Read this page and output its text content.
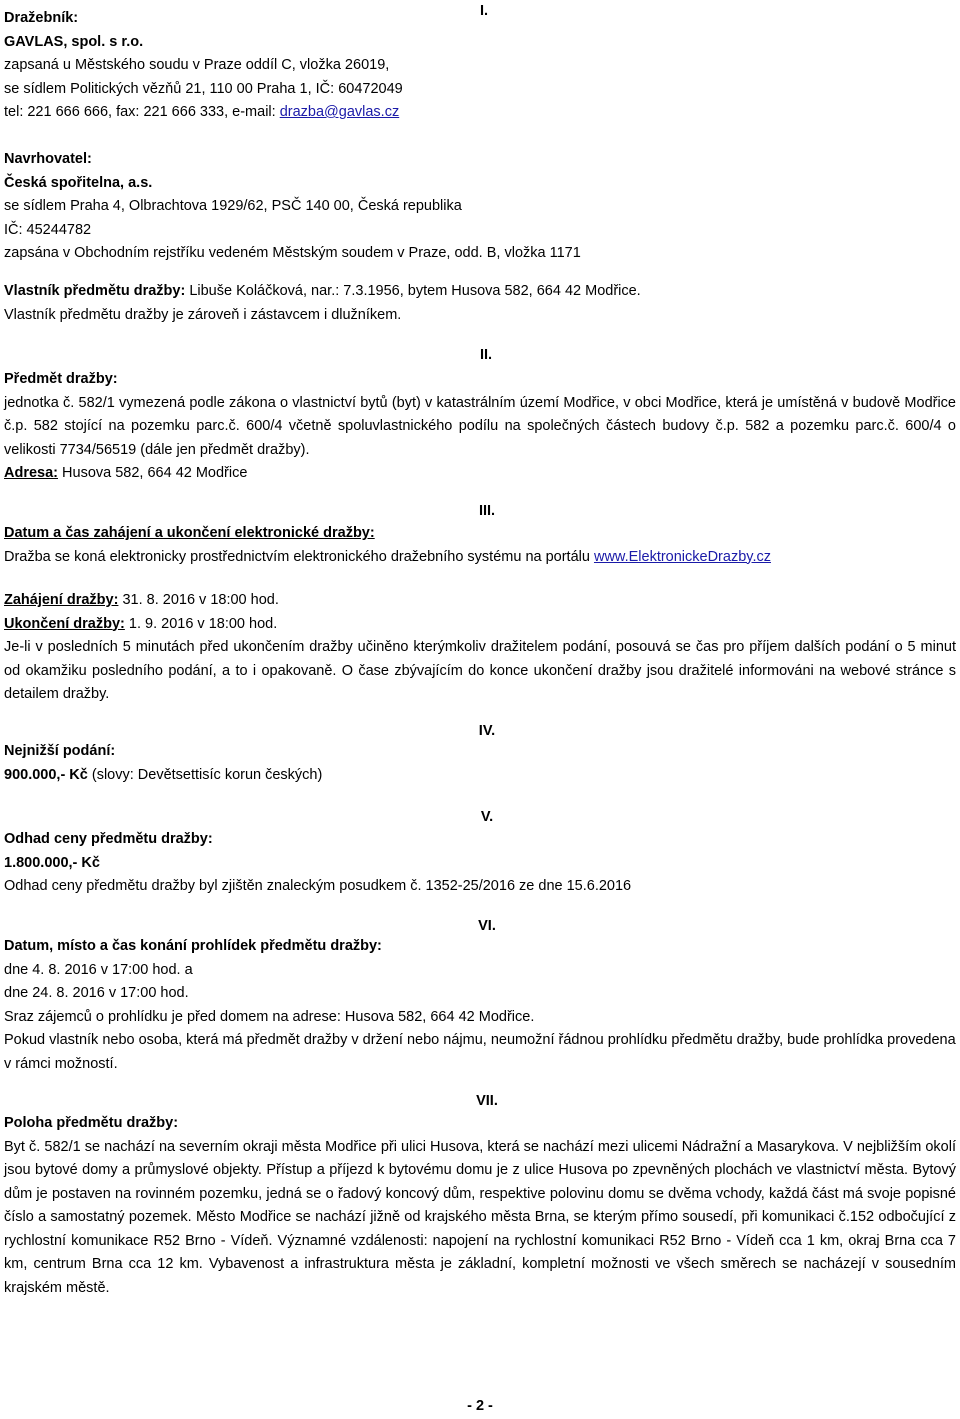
Dražebník:

GAVLAS, spol. s r.o.

zapsaná u Městského soudu v Praze oddíl C, vložka 26019,

se sídlem Politických vězňů 21, 110 00 Praha 1, IČ: 60472049

tel: 221 666 666, fax: 221 666 333, e-mail: drazba@gavlas.cz

I.

Navrhovatel:

Česká spořitelna, a.s.

se sídlem Praha 4, Olbrachtova 1929/62, PSČ 140 00, Česká republika

IČ: 45244782

zapsána v Obchodním rejstříku vedeném Městským soudem v Praze, odd. B, vložka 1171

Vlastník předmětu dražby: Libuše Koláčková, nar.: 7.3.1956, bytem Husova 582, 664 42 Modřice.

Vlastník předmětu dražby je zároveň i zástavcem i dlužníkem.

II.

Předmět dražby:

jednotka č. 582/1 vymezená podle zákona o vlastnictví bytů (byt) v katastrálním území Modřice, v obci Modřice, která je umístěná v budově Modřice č.p. 582 stojící na pozemku parc.č. 600/4 včetně spoluvlastnického podílu na společných částech budovy č.p. 582 a pozemku parc.č. 600/4 o velikosti 7734/56519 (dále jen předmět dražby).

Adresa: Husova 582, 664 42 Modřice

III.

Datum a čas zahájení a ukončení elektronické dražby:

Dražba se koná elektronicky prostřednictvím elektronického dražebního systému na portálu www.ElektronickeDrazby.cz

Zahájení dražby: 31. 8. 2016 v 18:00 hod.

Ukončení dražby: 1. 9. 2016 v 18:00 hod.

Je-li v posledních 5 minutách před ukončením dražby učiněno kterýmkoliv dražitelem podání, posouvá se čas pro příjem dalších podání o 5 minut od okamžiku posledního podání, a to i opakovaně. O čase zbývajícím do konce ukončení dražby jsou dražitelé informováni na webové stránce s detailem dražby.

IV.

Nejnižší podání:

900.000,- Kč (slovy: Devětsettisíc korun českých)

V.

Odhad ceny předmětu dražby:

1.800.000,- Kč

Odhad ceny předmětu dražby byl zjištěn znaleckým posudkem č. 1352-25/2016 ze dne 15.6.2016

VI.

Datum, místo a čas konání prohlídek předmětu dražby:

dne 4. 8. 2016 v 17:00 hod. a

dne 24. 8. 2016 v 17:00 hod.

Sraz zájemců o prohlídku je před domem na adrese: Husova 582, 664 42 Modřice.

Pokud vlastník nebo osoba, která má předmět dražby v držení nebo nájmu, neumožní řádnou prohlídku předmětu dražby, bude prohlídka provedena v rámci možností.

VII.

Poloha předmětu dražby:

Byt č. 582/1 se nachází na severním okraji města Modřice při ulici Husova, která se nachází mezi ulicemi Nádražní a Masarykova. V nejbližším okolí jsou bytové domy a průmyslové objekty. Přístup a příjezd k bytovému domu je z ulice Husova po zpevněných plochách ve vlastnictví města. Bytový dům je postaven na rovinném pozemku, jedná se o řadový koncový dům, respektive polovinu domu se dvěma vchody, každá část má svoje popisné číslo a samostatný pozemek. Město Modřice se nachází jižně od krajského města Brna, se kterým přímo sousedí, při komunikaci č.152 odbočující z rychlostní komunikace R52 Brno - Vídeň. Významné vzdálenosti: napojení na rychlostní komunikaci R52 Brno - Vídeň cca 1 km, okraj Brna cca 7 km, centrum Brna cca 12 km. Vybavenost a infrastruktura města je základní, kompletní možnosti ve všech směrech se nacházejí v sousedním krajském městě.

- 2 -
